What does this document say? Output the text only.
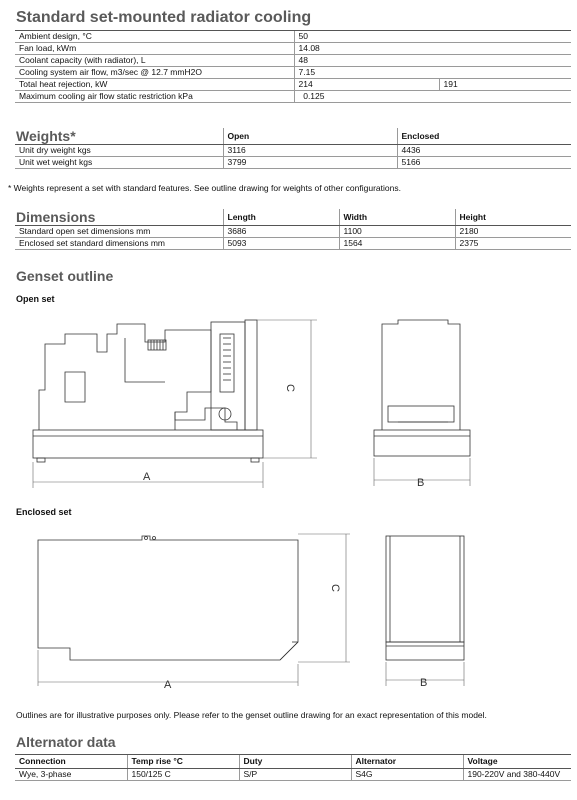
Standard set-mounted radiator cooling
Ambient design, °C	50	
Fan load, kWm	14.08	
Coolant capacity (with radiator), L	48	
Cooling system air flow, m3/sec @ 12.7 mmH2O	7.15	
Total heat rejection, kW	214	191
Maximum cooling air flow static restriction kPa	0.125	
Weights*	Open	Enclosed
Unit dry weight kgs	3116	4436
Unit wet weight kgs	3799	5166
* Weights represent a set with standard features. See outline drawing for weights of other configurations.
Dimensions	Length	Width	Height
Standard open set dimensions mm	3686	1100	2180
Enclosed set standard dimensions mm	5093	1564	2375
Genset outline
Open set
C
A	B
Enclosed set
C
A	B
Outlines are for illustrative purposes only. Please refer to the genset outline drawing for an exact representation of this model.
Alternator data
Connection	Temp rise °C	Duty	Alternator	Voltage
Wye, 3-phase	150/125 C	S/P	S4G	190-220V and 380-440V
